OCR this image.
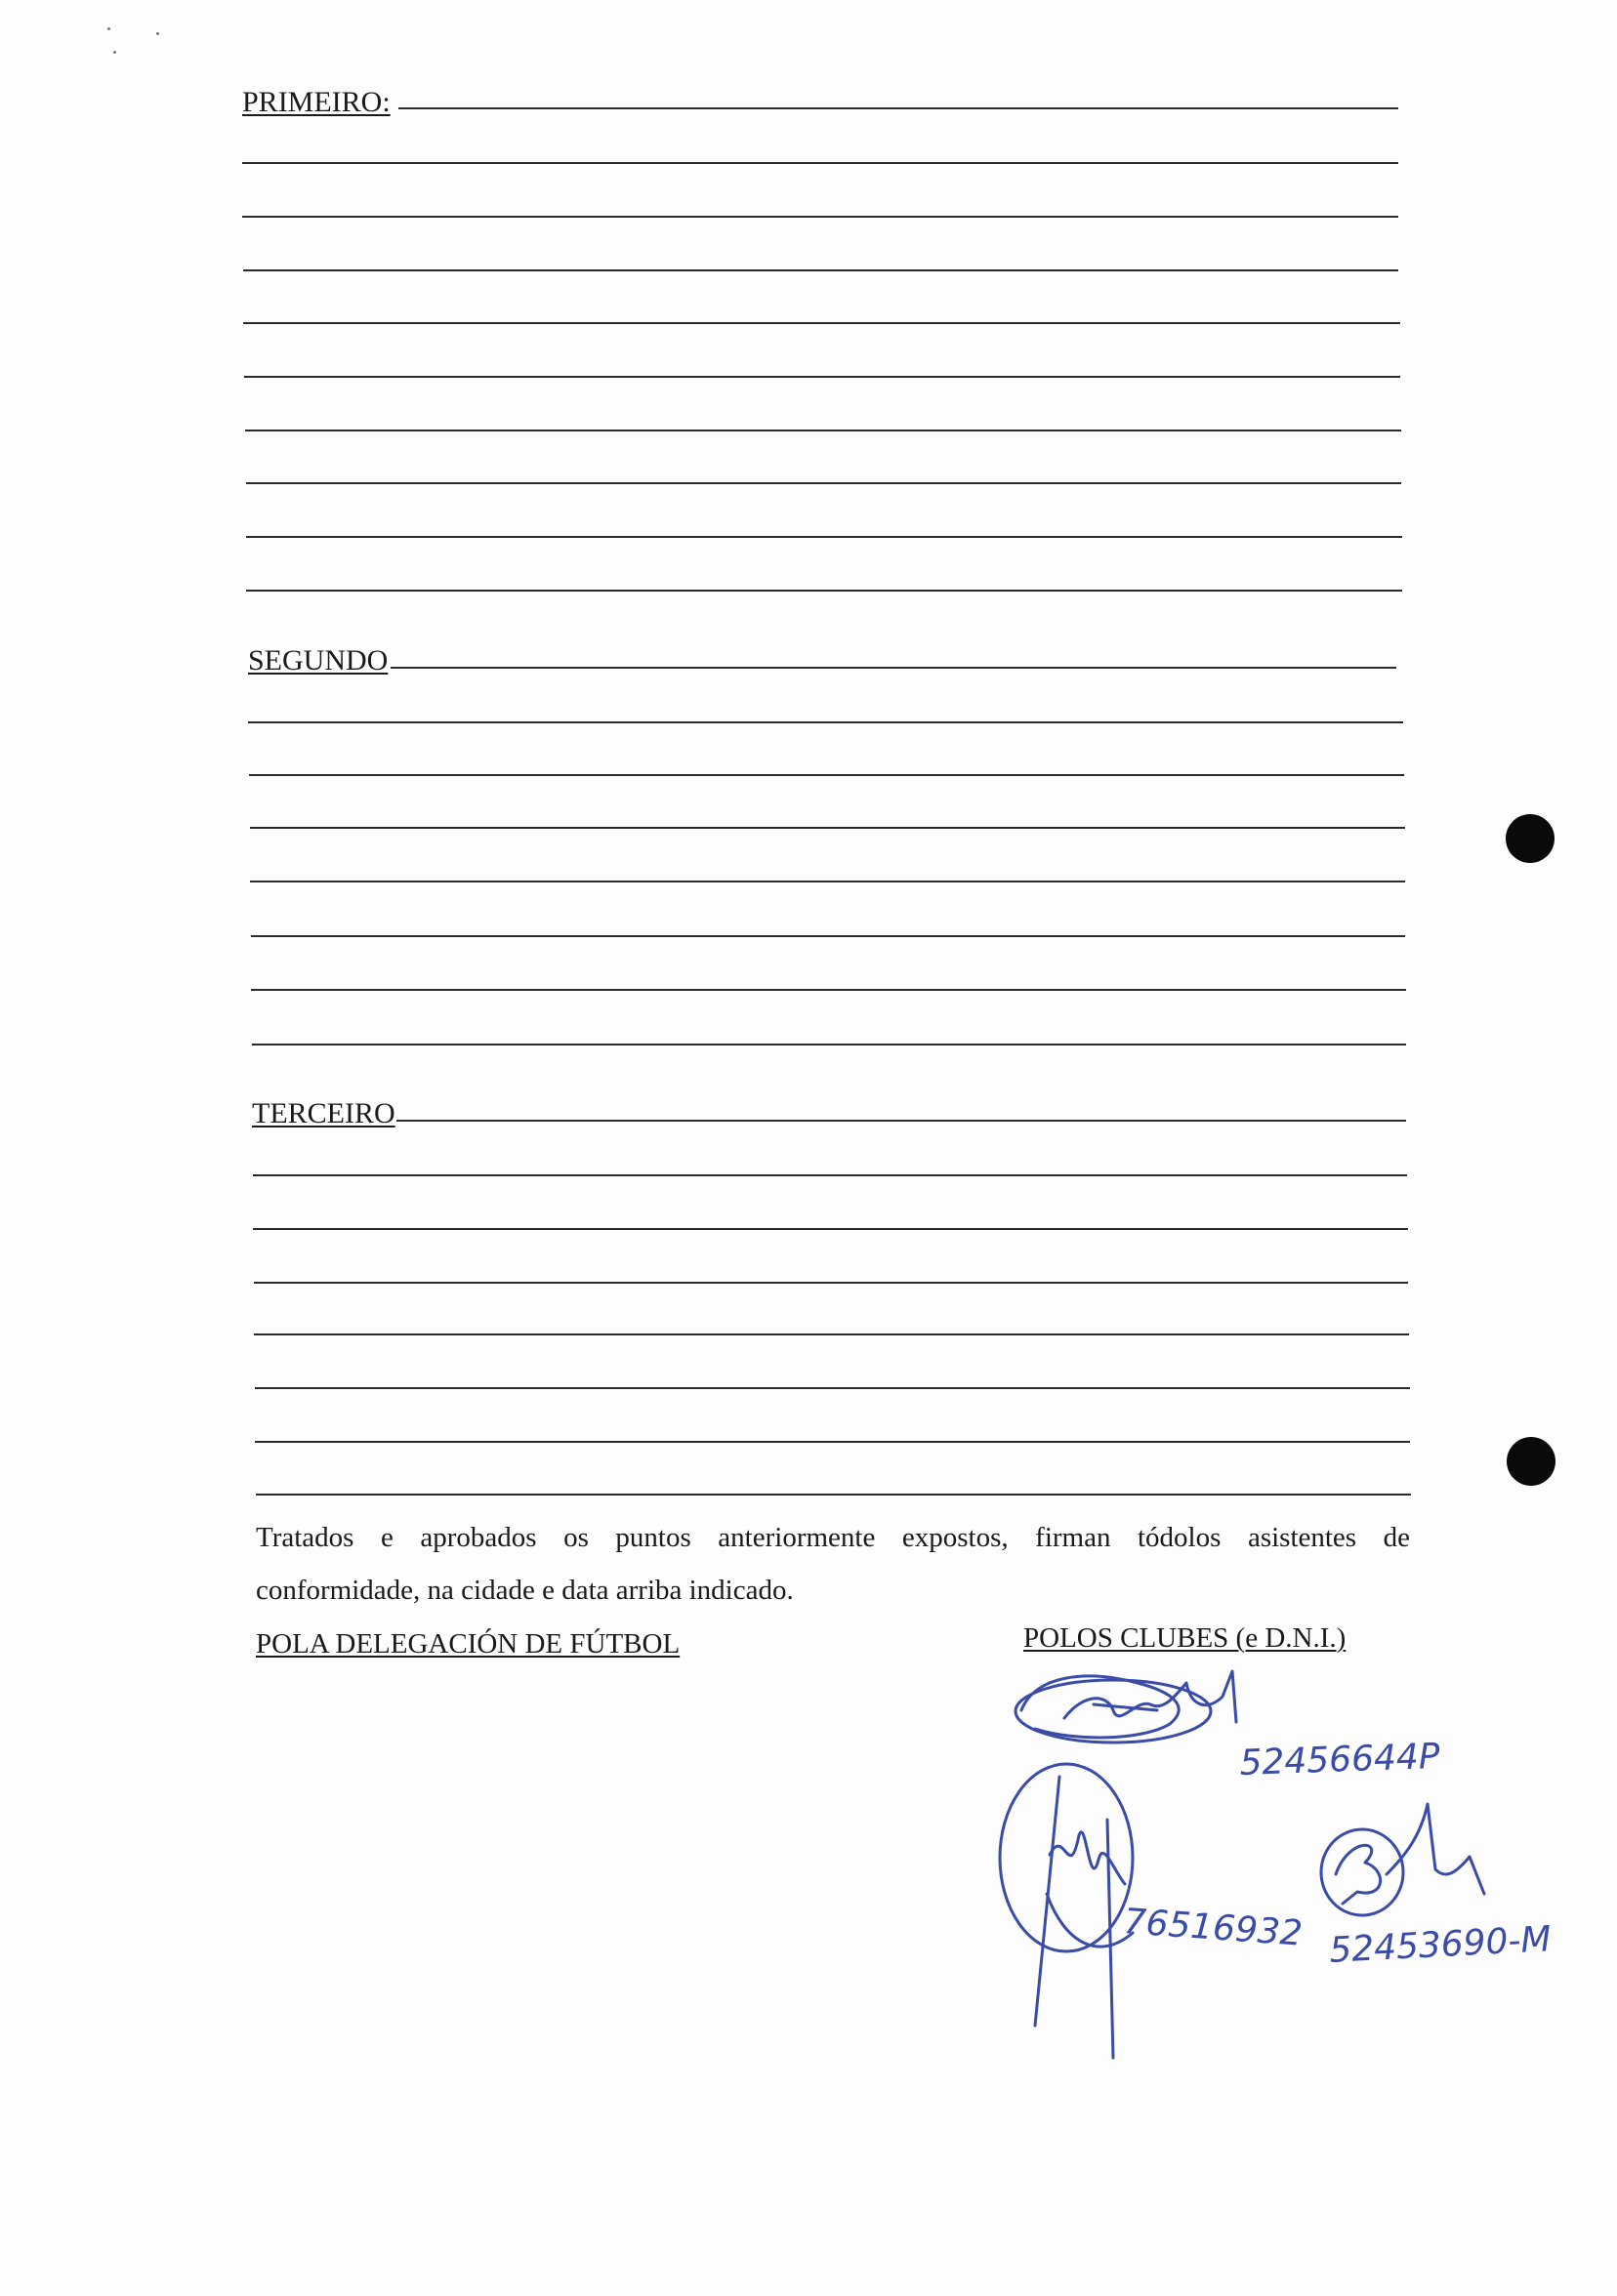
PRIMEIRO:
SEGUNDO
TERCEIRO
Tratados e aprobados os puntos anteriormente expostos, firman tódolos asistentes de
conformidade, na cidade e data arriba indicado.
POLA DELEGACIÓN DE FÚTBOL	POLOS CLUBES (e D.N.I.)
52456644P
76516932 52453690-M
